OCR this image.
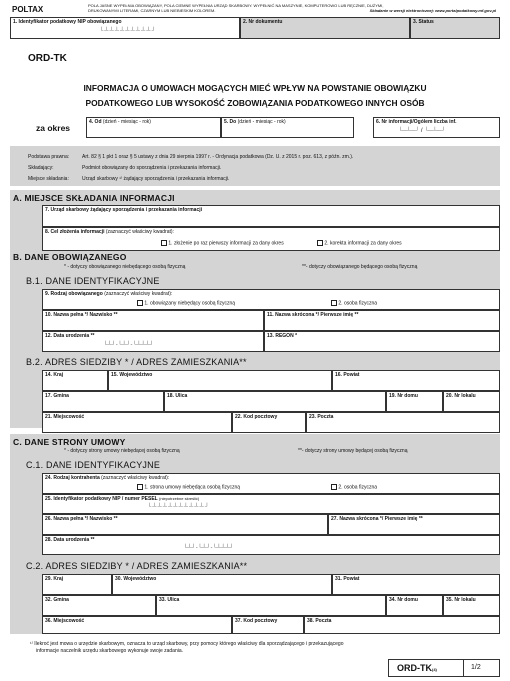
POLTAX	POLA JASNE WYPEŁNIA OBOWIĄZANY, POLA CIEMNE WYPEŁNIA URZĄD SKARBOWY. WYPEŁNIĆ NA MASZYNIE, KOMPUTEROWO LUB RĘCZNIE, DUŻYMI,
DRUKOWANYMI LITERAMI, CZARNYM LUB NIEBIESKIM KOLOREM.	Składanie w wersji elektronicznej: www.portalpodatkowy.mf.gov.pl
1. Identyfikator podatkowy NIP obowiązanego
└┴┴┴┴┴┴┴┴┴┘
2. Nr dokumentu	3. Status
ORD-TK
INFORMACJA O UMOWACH MOGĄCYCH MIEĆ WPŁYW NA POWSTANIE OBOWIĄZKU
PODATKOWEGO LUB WYSOKOŚĆ ZOBOWIĄZANIA PODATKOWEGO INNYCH OSÓB
za okres
4. Od (dzień - miesiąc - rok)	5. Do (dzień - miesiąc - rok)	6. Nr informacji/Ogólem liczba inf.
└─┴─┘ / └─┴─┘
Podstawa prawna:
Składający:
Miejsce składania:
Art. 82 § 1 pkt 1 oraz § 5 ustawy z dnia 29 sierpnia 1997 r. - Ordynacja podatkowa (Dz. U. z 2015 r. poz. 613, z późn. zm.).
Podmiot obowiązany do sporządzenia i przekazania informacji.
Urząd skarbowy ¹⁾ żądający sporządzenia i przekazania informacji.
A. MIEJSCE SKŁADANIA INFORMACJI
7. Urząd skarbowy żądający sporządzenia i przekazania informacji
8. Cel złożenia informacji (zaznaczyć właściwy kwadrat):
1. złożenie po raz pierwszy informacji za dany okres	2. korekta informacji za dany okres
B. DANE OBOWIĄZANEGO
* - dotyczy obowiązanego niebędącego osobą fizyczną	**- dotyczy obowiązanego będącego osobą fizyczną
B.1. DANE IDENTYFIKACYJNE
9. Rodzaj obowiązanego (zaznaczyć właściwy kwadrat):
1. obowiązany niebędący osobą fizyczną	2. osoba fizyczna
10. Nazwa pełna */ Nazwisko **	11. Nazwa skrócona */ Pierwsze imię **
12. Data urodzenia **
└┴┘-└┴┘-└┴┴┴┘
13. REGON *
B.2. ADRES SIEDZIBY * / ADRES ZAMIESZKANIA**
14. Kraj	15. Województwo	16. Powiat
17. Gmina	18. Ulica	19. Nr domu	20. Nr lokalu
21. Miejscowość	22. Kod pocztowy	23. Poczta
C. DANE STRONY UMOWY
* - dotyczy strony umowy niebędącej osobą fizyczną	**- dotyczy strony umowy będącej osobą fizyczną
C.1. DANE IDENTYFIKACYJNE
24. Rodzaj kontrahenta (zaznaczyć właściwy kwadrat):
1. strona umowy niebędąca osobą fizyczną	2. osoba fizyczna
25. Identyfikator podatkowy NIP / numer PESEL (niepotrzebne skreślić)
└┴┴┴┴┴┴┴┴┴┴┘
26. Nazwa pełna */ Nazwisko **	27. Nazwa skrócona */ Pierwsze imię **
28. Data urodzenia **
└┴┘-└┴┘-└┴┴┴┘
C.2. ADRES SIEDZIBY * / ADRES ZAMIESZKANIA**
29. Kraj	30. Województwo	31. Powiat
32. Gmina	33. Ulica	34. Nr domu	35. Nr lokalu
36. Miejscowość	37. Kod pocztowy	38. Poczta
¹⁾ Ilekroć jest mowa o urzędzie skarbowym, oznacza to urząd skarbowy, przy pomocy którego właściwy dla sporządzającego i przekazującego
informacje naczelnik urzędu skarbowego wykonuje swoje zadania.
ORD-TK(4)	1/2
